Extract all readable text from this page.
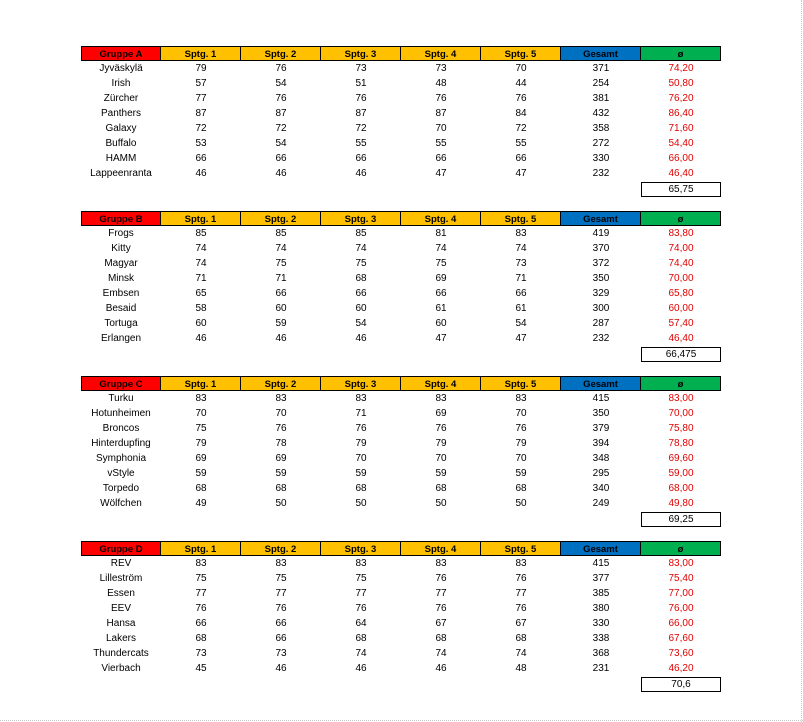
Gruppe A	Sptg. 1	Sptg. 2	Sptg. 3	Sptg. 4	Sptg. 5	Gesamt	ø
Jyväskylä	79	76	73	73	70	371	74,20
Irish	57	54	51	48	44	254	50,80
Zürcher	77	76	76	76	76	381	76,20
Panthers	87	87	87	87	84	432	86,40
Galaxy	72	72	72	70	72	358	71,60
Buffalo	53	54	55	55	55	272	54,40
HAMM	66	66	66	66	66	330	66,00
Lappeenranta	46	46	46	47	47	232	46,40
65,75
Gruppe B	Sptg. 1	Sptg. 2	Sptg. 3	Sptg. 4	Sptg. 5	Gesamt	ø
Frogs	85	85	85	81	83	419	83,80
Kitty	74	74	74	74	74	370	74,00
Magyar	74	75	75	75	73	372	74,40
Minsk	71	71	68	69	71	350	70,00
Embsen	65	66	66	66	66	329	65,80
Besaid	58	60	60	61	61	300	60,00
Tortuga	60	59	54	60	54	287	57,40
Erlangen	46	46	46	47	47	232	46,40
66,475
Gruppe C	Sptg. 1	Sptg. 2	Sptg. 3	Sptg. 4	Sptg. 5	Gesamt	ø
Turku	83	83	83	83	83	415	83,00
Hotunheimen	70	70	71	69	70	350	70,00
Broncos	75	76	76	76	76	379	75,80
Hinterdupfing	79	78	79	79	79	394	78,80
Symphonia	69	69	70	70	70	348	69,60
vStyle	59	59	59	59	59	295	59,00
Torpedo	68	68	68	68	68	340	68,00
Wölfchen	49	50	50	50	50	249	49,80
69,25
Gruppe D	Sptg. 1	Sptg. 2	Sptg. 3	Sptg. 4	Sptg. 5	Gesamt	ø
REV	83	83	83	83	83	415	83,00
Lilleström	75	75	75	76	76	377	75,40
Essen	77	77	77	77	77	385	77,00
EEV	76	76	76	76	76	380	76,00
Hansa	66	66	64	67	67	330	66,00
Lakers	68	66	68	68	68	338	67,60
Thundercats	73	73	74	74	74	368	73,60
Vierbach	45	46	46	46	48	231	46,20
70,6
